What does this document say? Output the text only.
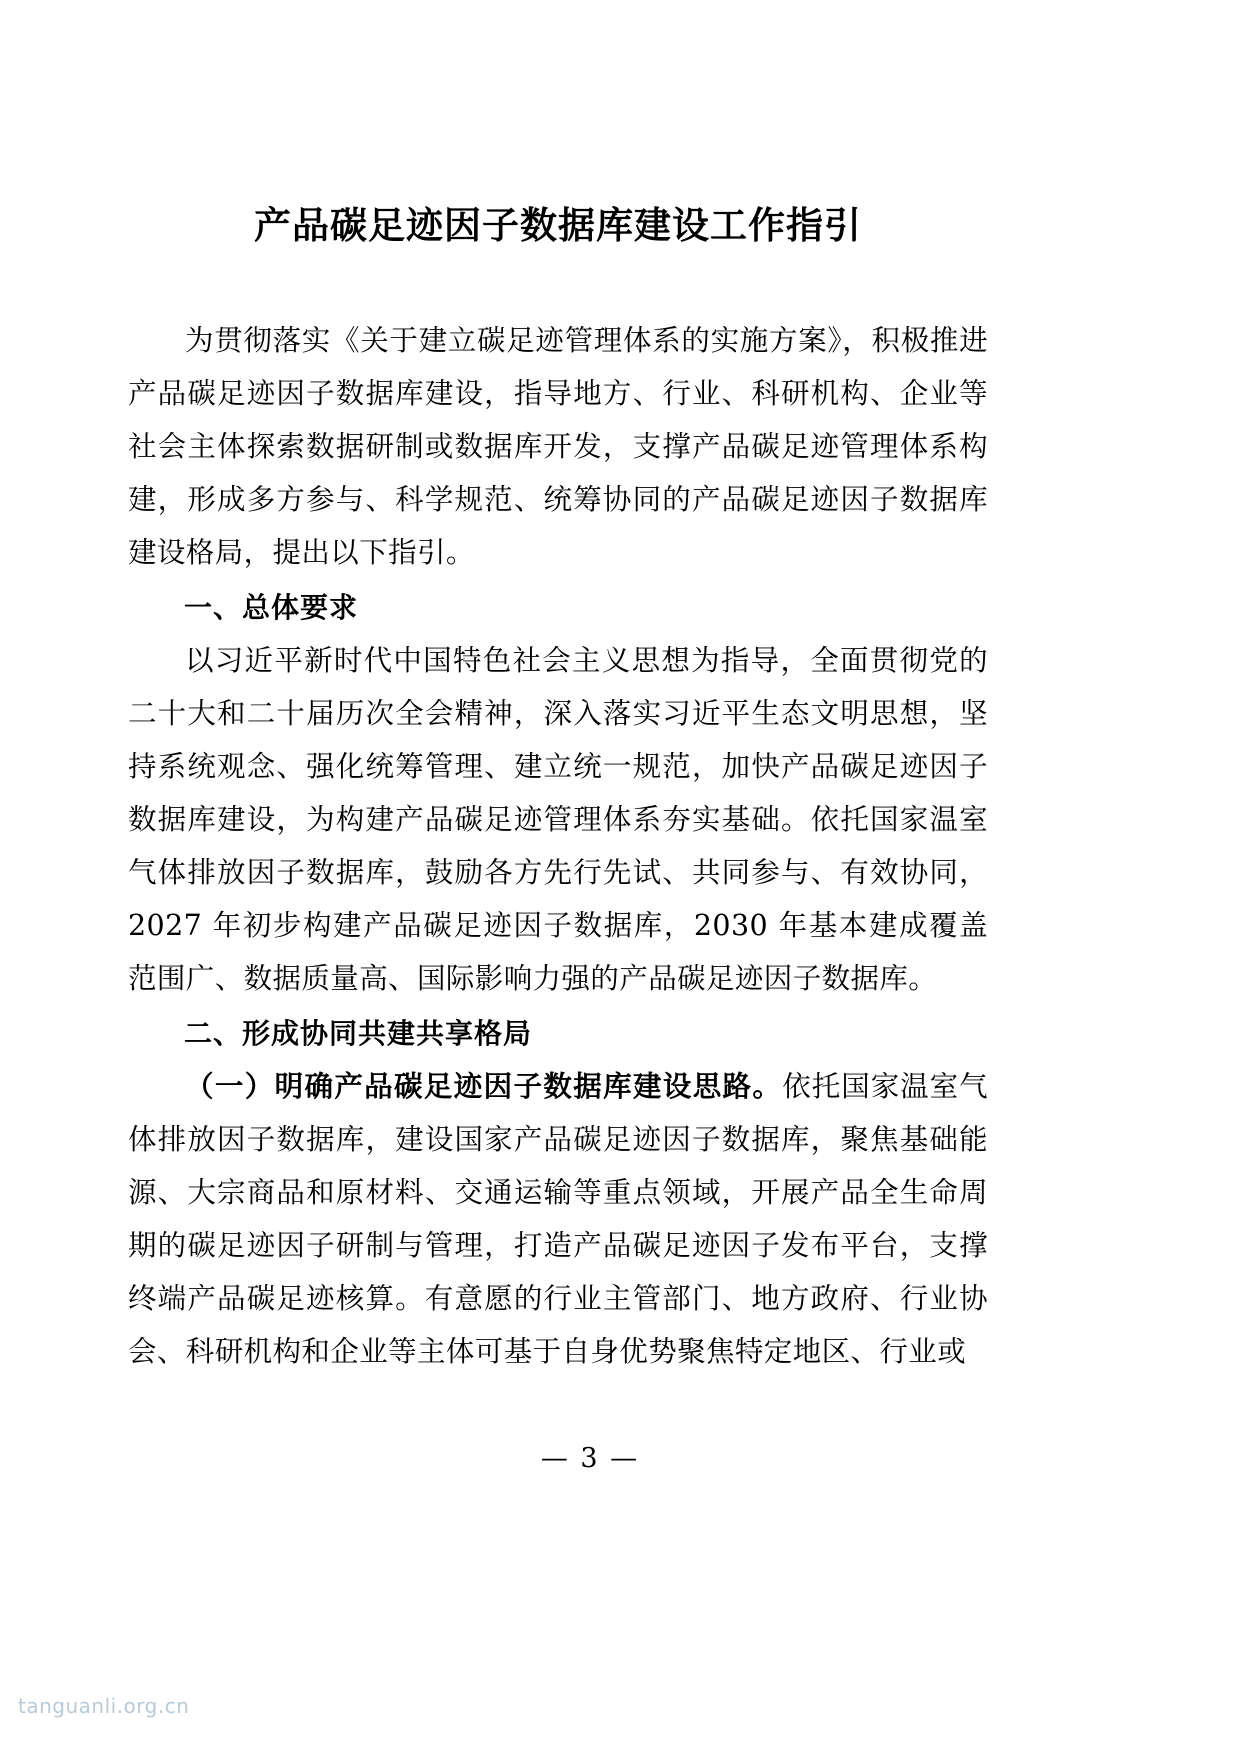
产品碳足迹因子数据库建设工作指引

为贯彻落实《关于建立碳足迹管理体系的实施方案》，积极推进产品碳足迹因子数据库建设，指导地方、行业、科研机构、企业等社会主体探索数据研制或数据库开发，支撑产品碳足迹管理体系构建，形成多方参与、科学规范、统筹协同的产品碳足迹因子数据库建设格局，提出以下指引。

一、总体要求

以习近平新时代中国特色社会主义思想为指导，全面贯彻党的二十大和二十届历次全会精神，深入落实习近平生态文明思想，坚持系统观念、强化统筹管理、建立统一规范，加快产品碳足迹因子数据库建设，为构建产品碳足迹管理体系夯实基础。依托国家温室气体排放因子数据库，鼓励各方先行先试、共同参与、有效协同，2027 年初步构建产品碳足迹因子数据库，2030 年基本建成覆盖范围广、数据质量高、国际影响力强的产品碳足迹因子数据库。

二、形成协同共建共享格局

（一）明确产品碳足迹因子数据库建设思路。依托国家温室气体排放因子数据库，建设国家产品碳足迹因子数据库，聚焦基础能源、大宗商品和原材料、交通运输等重点领域，开展产品全生命周期的碳足迹因子研制与管理，打造产品碳足迹因子发布平台，支撑终端产品碳足迹核算。有意愿的行业主管部门、地方政府、行业协会、科研机构和企业等主体可基于自身优势聚焦特定地区、行业或

— 3 —
tanguanli.org.cn
